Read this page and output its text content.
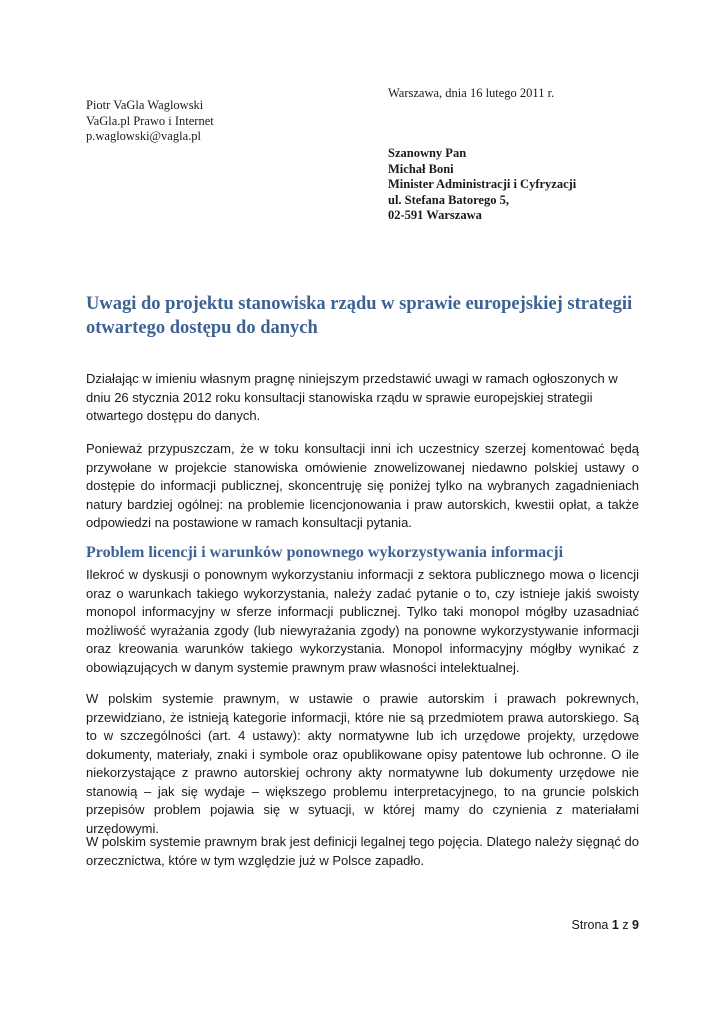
Warszawa, dnia 16 lutego 2011 r.
Piotr VaGla Waglowski
VaGla.pl Prawo i Internet
p.waglowski@vagla.pl
Szanowny Pan
Michał Boni
Minister Administracji i Cyfryzacji
ul. Stefana Batorego 5,
02-591 Warszawa
Uwagi do projektu stanowiska rządu w sprawie europejskiej strategii otwartego dostępu do danych

Działając w imieniu własnym pragnę niniejszym przedstawić uwagi w ramach ogłoszonych w dniu 26 stycznia 2012 roku konsultacji stanowiska rządu w sprawie europejskiej strategii otwartego dostępu do danych.

Ponieważ przypuszczam, że w toku konsultacji inni ich uczestnicy szerzej komentować będą przywołane w projekcie stanowiska omówienie znowelizowanej niedawno polskiej ustawy o dostępie do informacji publicznej, skoncentruję się poniżej tylko na wybranych zagadnieniach natury bardziej ogólnej: na problemie licencjonowania i praw autorskich, kwestii opłat, a także odpowiedzi na postawione w ramach konsultacji pytania.

Problem licencji i warunków ponownego wykorzystywania informacji

Ilekroć w dyskusji o ponownym wykorzystaniu informacji z sektora publicznego mowa o licencji oraz o warunkach takiego wykorzystania, należy zadać pytanie o to, czy istnieje jakiś swoisty monopol informacyjny w sferze informacji publicznej. Tylko taki monopol mógłby uzasadniać możliwość wyrażania zgody (lub niewyrażania zgody) na ponowne wykorzystywanie informacji oraz kreowania warunków takiego wykorzystania. Monopol informacyjny mógłby wynikać z obowiązujących w danym systemie prawnym praw własności intelektualnej.

W polskim systemie prawnym, w ustawie o prawie autorskim i prawach pokrewnych, przewidziano, że istnieją kategorie informacji, które nie są przedmiotem prawa autorskiego. Są to w szczególności (art. 4 ustawy): akty normatywne lub ich urzędowe projekty, urzędowe dokumenty, materiały, znaki i symbole oraz opublikowane opisy patentowe lub ochronne. O ile niekorzystające z prawno autorskiej ochrony akty normatywne lub dokumenty urzędowe nie stanowią – jak się wydaje – większego problemu interpretacyjnego, to na gruncie polskich przepisów problem pojawia się w sytuacji, w której mamy do czynienia z materiałami urzędowymi.

W polskim systemie prawnym brak jest definicji legalnej tego pojęcia. Dlatego należy sięgnąć do orzecznictwa, które w tym względzie już w Polsce zapadło.

Strona 1 z 9
